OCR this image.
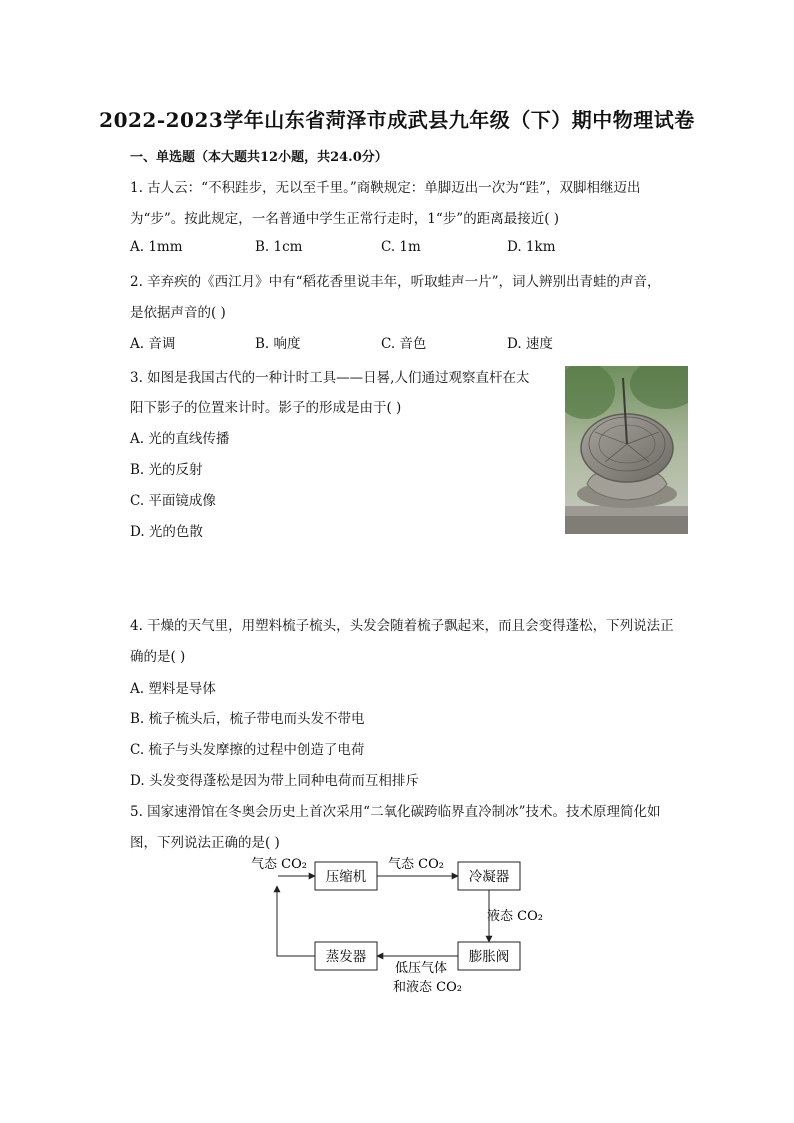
2022-2023学年山东省菏泽市成武县九年级（下）期中物理试卷
一、单选题（本大题共12小题，共24.0分）
1. 古人云：“不积跬步，无以至千里。”商鞅规定：单脚迈出一次为“跬”，双脚相继迈出
为“步”。按此规定，一名普通中学生正常行走时，1“步”的距离最接近( )
A. 1mm	B. 1cm	C. 1m	D. 1km
2. 辛弃疾的《西江月》中有“稻花香里说丰年，听取蛙声一片”，词人辨别出青蛙的声音，
是依据声音的( )
A. 音调	B. 响度	C. 音色	D. 速度
3. 如图是我国古代的一种计时工具——日晷,人们通过观察直杆在太
阳下影子的位置来计时。影子的形成是由于( )
A. 光的直线传播
B. 光的反射
C. 平面镜成像
D. 光的色散
4. 干燥的天气里，用塑料梳子梳头，头发会随着梳子飘起来，而且会变得蓬松，下列说法正
确的是( )
A. 塑料是导体
B. 梳子梳头后，梳子带电而头发不带电
C. 梳子与头发摩擦的过程中创造了电荷
D. 头发变得蓬松是因为带上同种电荷而互相排斥
5. 国家速滑馆在冬奥会历史上首次采用“二氧化碳跨临界直冷制冰”技术。技术原理简化如
图，下列说法正确的是( )
压缩机	冷凝器
膨胀阀
蒸发器
气态 CO₂	气态 CO₂
液态 CO₂
低压气体
和液态 CO₂
